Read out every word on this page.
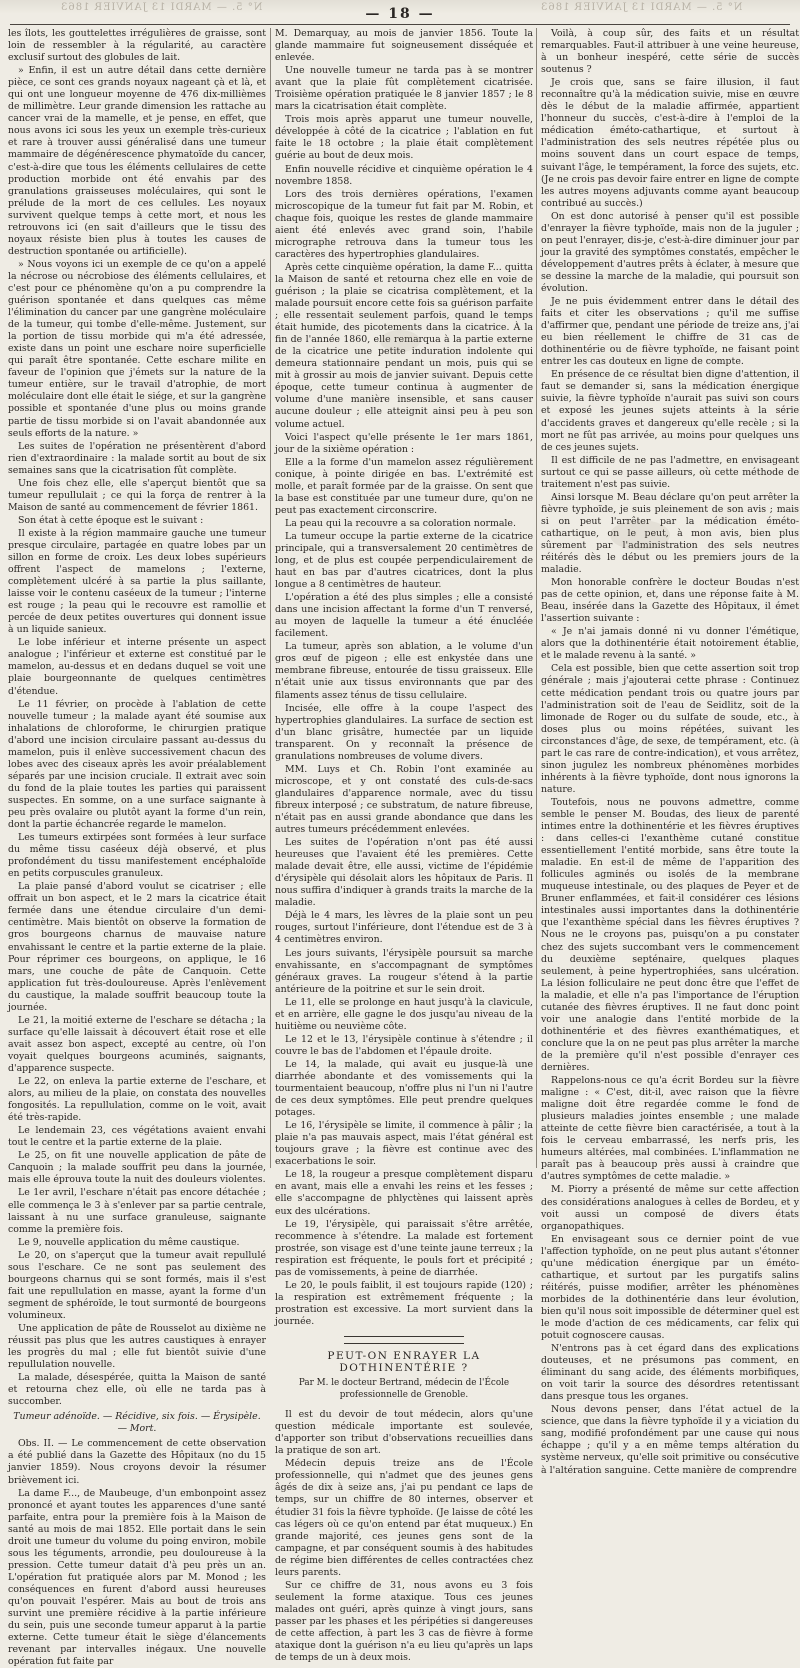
N° 5. — MARDI 13 JANVIER 1863	N° 5. — MARDI 13 JANVIER 1863
— 18 —

les îlots, les gouttelettes irrégulières de graisse, sont loin de ressembler à la régularité, au caractère exclusif surtout des globules de lait.

» Enfin, il est un autre détail dans cette dernière pièce, ce sont ces grands noyaux nageant çà et là, et qui ont une longueur moyenne de 476 dix-millièmes de millimètre. Leur grande dimension les rattache au cancer vrai de la mamelle, et je pense, en effet, que nous avons ici sous les yeux un exemple très-curieux et rare à trouver aussi généralisé dans une tumeur mammaire de dégénérescence phymatoïde du cancer, c'est-à-dire que tous les éléments cellulaires de cette production morbide ont été envahis par des granulations graisseuses moléculaires, qui sont le prélude de la mort de ces cellules. Les noyaux survivent quelque temps à cette mort, et nous les retrouvons ici (en sait d'ailleurs que le tissu des noyaux résiste bien plus à toutes les causes de destruction spontanée ou artificielle).

» Nous voyons ici un exemple de ce qu'on a appelé la nécrose ou nécrobiose des éléments cellulaires, et c'est pour ce phénomène qu'on a pu comprendre la guérison spontanée et dans quelques cas même l'élimination du cancer par une gangrène moléculaire de la tumeur, qui tombe d'elle-même. Justement, sur la portion de tissu morbide qui m'a été adressée, existe dans un point une eschare noire superficielle qui paraît être spontanée. Cette eschare milite en faveur de l'opinion que j'émets sur la nature de la tumeur entière, sur le travail d'atrophie, de mort moléculaire dont elle était le siége, et sur la gangrène possible et spontanée d'une plus ou moins grande partie de tissu morbide si on l'avait abandonnée aux seuls efforts de la nature. »

Les suites de l'opération ne présentèrent d'abord rien d'extraordinaire : la malade sortit au bout de six semaines sans que la cicatrisation fût complète.

Une fois chez elle, elle s'aperçut bientôt que sa tumeur repullulait ; ce qui la força de rentrer à la Maison de santé au commencement de février 1861.

Son état à cette époque est le suivant :

Il existe à la région mammaire gauche une tumeur presque circulaire, partagée en quatre lobes par un sillon en forme de croix. Les deux lobes supérieurs offrent l'aspect de mamelons ; l'externe, complètement ulcéré à sa partie la plus saillante, laisse voir le contenu caséeux de la tumeur ; l'interne est rouge ; la peau qui le recouvre est ramollie et percée de deux petites ouvertures qui donnent issue à un liquide sanieux.

Le lobe inférieur et interne présente un aspect analogue ; l'inférieur et externe est constitué par le mamelon, au-dessus et en dedans duquel se voit une plaie bourgeonnante de quelques centimètres d'étendue.

Le 11 février, on procède à l'ablation de cette nouvelle tumeur ; la malade ayant été soumise aux inhalations de chloroforme, le chirurgien pratique d'abord une incision circulaire passant au-dessus du mamelon, puis il enlève successivement chacun des lobes avec des ciseaux après les avoir préalablement séparés par une incision cruciale. Il extrait avec soin du fond de la plaie toutes les parties qui paraissent suspectes. En somme, on a une surface saignante à peu près ovalaire ou plutôt ayant la forme d'un rein, dont la partie échancrée regarde le mamelon.

Les tumeurs extirpées sont formées à leur surface du même tissu caséeux déjà observé, et plus profondément du tissu manifestement encéphaloïde en petits corpuscules granuleux.

La plaie pansé d'abord voulut se cicatriser ; elle offrait un bon aspect, et le 2 mars la cicatrice était fermée dans une étendue circulaire d'un demi-centimètre. Mais bientôt on observe la formation de gros bourgeons charnus de mauvaise nature envahissant le centre et la partie externe de la plaie. Pour réprimer ces bourgeons, on applique, le 16 mars, une couche de pâte de Canquoin. Cette application fut très-douloureuse. Après l'enlèvement du caustique, la malade souffrit beaucoup toute la journée.

Le 21, la moitié externe de l'eschare se détacha ; la surface qu'elle laissait à découvert était rose et elle avait assez bon aspect, excepté au centre, où l'on voyait quelques bourgeons acuminés, saignants, d'apparence suspecte.

Le 22, on enleva la partie externe de l'eschare, et alors, au milieu de la plaie, on constata des nouvelles fongosités. La repullulation, comme on le voit, avait été très-rapide.

Le lendemain 23, ces végétations avaient envahi tout le centre et la partie externe de la plaie.

Le 25, on fit une nouvelle application de pâte de Canquoin ; la malade souffrit peu dans la journée, mais elle éprouva toute la nuit des douleurs violentes.

Le 1er avril, l'eschare n'était pas encore détachée ; elle commença le 3 à s'enlever par sa partie centrale, laissant à nu une surface granuleuse, saignante comme la première fois.

Le 9, nouvelle application du même caustique.

Le 20, on s'aperçut que la tumeur avait repullulé sous l'eschare. Ce ne sont pas seulement des bourgeons charnus qui se sont formés, mais il s'est fait une repullulation en masse, ayant la forme d'un segment de sphéroïde, le tout surmonté de bourgeons volumineux.

Une application de pâte de Rousselot au dixième ne réussit pas plus que les autres caustiques à enrayer les progrès du mal ; elle fut bientôt suivie d'une repullulation nouvelle.

La malade, désespérée, quitta la Maison de santé et retourna chez elle, où elle ne tarda pas à succomber.

Tumeur adénoïde. — Récidive, six fois. — Érysipèle. — Mort.

Obs. II. — Le commencement de cette observation a été publié dans la Gazette des Hôpitaux (no du 15 janvier 1859). Nous croyons devoir la résumer brièvement ici.

La dame F..., de Maubeuge, d'un embonpoint assez prononcé et ayant toutes les apparences d'une santé parfaite, entra pour la première fois à la Maison de santé au mois de mai 1852. Elle portait dans le sein droit une tumeur du volume du poing environ, mobile sous les téguments, arrondie, peu douloureuse à la pression. Cette tumeur datait d'à peu près un an. L'opération fut pratiquée alors par M. Monod ; les conséquences en furent d'abord aussi heureuses qu'on pouvait l'espérer. Mais au bout de trois ans survint une première récidive à la partie inférieure du sein, puis une seconde tumeur apparut à la partie externe. Cette tumeur était le siège d'élancements revenant par intervalles inégaux. Une nouvelle opération fut faite par

M. Demarquay, au mois de janvier 1856. Toute la glande mammaire fut soigneusement disséquée et enlevée.

Une nouvelle tumeur ne tarda pas à se montrer avant que la plaie fût complètement cicatrisée. Troisième opération pratiquée le 8 janvier 1857 ; le 8 mars la cicatrisation était complète.

Trois mois après apparut une tumeur nouvelle, développée à côté de la cicatrice ; l'ablation en fut faite le 18 octobre ; la plaie était complètement guérie au bout de deux mois.

Enfin nouvelle récidive et cinquième opération le 4 novembre 1858.

Lors des trois dernières opérations, l'examen microscopique de la tumeur fut fait par M. Robin, et chaque fois, quoique les restes de glande mammaire aient été enlevés avec grand soin, l'habile micrographe retrouva dans la tumeur tous les caractères des hypertrophies glandulaires.

Après cette cinquième opération, la dame F... quitta la Maison de santé et retourna chez elle en voie de guérison ; la plaie se cicatrisa complètement, et la malade poursuit encore cette fois sa guérison parfaite ; elle ressentait seulement parfois, quand le temps était humide, des picotements dans la cicatrice. À la fin de l'année 1860, elle remarqua à la partie externe de la cicatrice une petite induration indolente qui demeura stationnaire pendant un mois, puis qui se mit à grossir au mois de janvier suivant. Depuis cette époque, cette tumeur continua à augmenter de volume d'une manière insensible, et sans causer aucune douleur ; elle atteignit ainsi peu à peu son volume actuel.

Voici l'aspect qu'elle présente le 1er mars 1861, jour de la sixième opération :

Elle a la forme d'un mamelon assez régulièrement conique, à pointe dirigée en bas. L'extrémité est molle, et paraît formée par de la graisse. On sent que la base est constituée par une tumeur dure, qu'on ne peut pas exactement circonscrire.

La peau qui la recouvre a sa coloration normale.

La tumeur occupe la partie externe de la cicatrice principale, qui a transversalement 20 centimètres de long, et de plus est coupée perpendiculairement de haut en bas par d'autres cicatrices, dont la plus longue a 8 centimètres de hauteur.

L'opération a été des plus simples ; elle a consisté dans une incision affectant la forme d'un T renversé, au moyen de laquelle la tumeur a été énucléée facilement.

La tumeur, après son ablation, a le volume d'un gros œuf de pigeon ; elle est enkystée dans une membrane fibreuse, entourée de tissu graisseux. Elle n'était unie aux tissus environnants que par des filaments assez ténus de tissu cellulaire.

Incisée, elle offre à la coupe l'aspect des hypertrophies glandulaires. La surface de section est d'un blanc grisâtre, humectée par un liquide transparent. On y reconnaît la présence de granulations nombreuses de volume divers.

MM. Luys et Ch. Robin l'ont examinée au microscope, et y ont constaté des culs-de-sacs glandulaires d'apparence normale, avec du tissu fibreux interposé ; ce substratum, de nature fibreuse, n'était pas en aussi grande abondance que dans les autres tumeurs précédemment enlevées.

Les suites de l'opération n'ont pas été aussi heureuses que l'avaient été les premières. Cette malade devait être, elle aussi, victime de l'épidémie d'érysipèle qui désolait alors les hôpitaux de Paris. Il nous suffira d'indiquer à grands traits la marche de la maladie.

Déjà le 4 mars, les lèvres de la plaie sont un peu rouges, surtout l'inférieure, dont l'étendue est de 3 à 4 centimètres environ.

Les jours suivants, l'érysipèle poursuit sa marche envahissante, en s'accompagnant de symptômes généraux graves. La rougeur s'étend à la partie antérieure de la poitrine et sur le sein droit.

Le 11, elle se prolonge en haut jusqu'à la clavicule, et en arrière, elle gagne le dos jusqu'au niveau de la huitième ou neuvième côte.

Le 12 et le 13, l'érysipèle continue à s'étendre ; il couvre le bas de l'abdomen et l'épaule droite.

Le 14, la malade, qui avait eu jusque-là une diarrhée abondante et des vomissements qui la tourmentaient beaucoup, n'offre plus ni l'un ni l'autre de ces deux symptômes. Elle peut prendre quelques potages.

Le 16, l'érysipèle se limite, il commence à pâlir ; la plaie n'a pas mauvais aspect, mais l'état général est toujours grave ; la fièvre est continue avec des exacerbations le soir.

Le 18, la rougeur a presque complètement disparu en avant, mais elle a envahi les reins et les fesses ; elle s'accompagne de phlyctènes qui laissent après eux des ulcérations.

Le 19, l'érysipèle, qui paraissait s'être arrêtée, recommence à s'étendre. La malade est fortement prostrée, son visage est d'une teinte jaune terreux ; la respiration est fréquente, le pouls fort et précipité ; pas de vomissements, à peine de diarrhée.

Le 20, le pouls faiblit, il est toujours rapide (120) ; la respiration est extrêmement fréquente ; la prostration est excessive. La mort survient dans la journée.

PEUT-ON ENRAYER LA DOTHINENTÉRIE ?

Par M. le docteur Bertrand, médecin de l'École professionnelle de Grenoble.

Il est du devoir de tout médecin, alors qu'une question médicale importante est soulevée, d'apporter son tribut d'observations recueillies dans la pratique de son art.

Médecin depuis treize ans de l'École professionnelle, qui n'admet que des jeunes gens âgés de dix à seize ans, j'ai pu pendant ce laps de temps, sur un chiffre de 80 internes, observer et étudier 31 fois la fièvre typhoïde. (Je laisse de côté les cas légers où ce qu'on entend par état muqueux.) En grande majorité, ces jeunes gens sont de la campagne, et par conséquent soumis à des habitudes de régime bien différentes de celles contractées chez leurs parents.

Sur ce chiffre de 31, nous avons eu 3 fois seulement la forme ataxique. Tous ces jeunes malades ont guéri, après quinze à vingt jours, sans passer par les phases et les péripéties si dangereuses de cette affection, à part les 3 cas de fièvre à forme ataxique dont la guérison n'a eu lieu qu'après un laps de temps de un à deux mois.

Voilà, à coup sûr, des faits et un résultat remarquables. Faut-il attribuer à une veine heureuse, à un bonheur inespéré, cette série de succès soutenus ?

Je crois que, sans se faire illusion, il faut reconnaître qu'à la médication suivie, mise en œuvre dès le début de la maladie affirmée, appartient l'honneur du succès, c'est-à-dire à l'emploi de la médication éméto-cathartique, et surtout à l'administration des sels neutres répétée plus ou moins souvent dans un court espace de temps, suivant l'âge, le tempérament, la force des sujets, etc. (Je ne crois pas devoir faire entrer en ligne de compte les autres moyens adjuvants comme ayant beaucoup contribué au succès.)

On est donc autorisé à penser qu'il est possible d'enrayer la fièvre typhoïde, mais non de la juguler ; on peut l'enrayer, dis-je, c'est-à-dire diminuer jour par jour la gravité des symptômes constatés, empêcher le développement d'autres prêts à éclater, à mesure que se dessine la marche de la maladie, qui poursuit son évolution.

Je ne puis évidemment entrer dans le détail des faits et citer les observations ; qu'il me suffise d'affirmer que, pendant une période de treize ans, j'ai eu bien réellement le chiffre de 31 cas de dothinentérie ou de fièvre typhoïde, ne faisant point entrer les cas douteux en ligne de compte.

En présence de ce résultat bien digne d'attention, il faut se demander si, sans la médication énergique suivie, la fièvre typhoïde n'aurait pas suivi son cours et exposé les jeunes sujets atteints à la série d'accidents graves et dangereux qu'elle recèle ; si la mort ne fût pas arrivée, au moins pour quelques uns de ces jeunes sujets.

Il est difficile de ne pas l'admettre, en envisageant surtout ce qui se passe ailleurs, où cette méthode de traitement n'est pas suivie.

Ainsi lorsque M. Beau déclare qu'on peut arrêter la fièvre typhoïde, je suis pleinement de son avis ; mais si on peut l'arrêter par la médication éméto-cathartique, on le peut, à mon avis, bien plus sûrement par l'administration des sels neutres réitérés dès le début ou les premiers jours de la maladie.

Mon honorable confrère le docteur Boudas n'est pas de cette opinion, et, dans une réponse faite à M. Beau, insérée dans la Gazette des Hôpitaux, il émet l'assertion suivante :

« Je n'ai jamais donné ni vu donner l'émétique, alors que la dothinentérie était notoirement établie, et le malade revenu à la santé. »

Cela est possible, bien que cette assertion soit trop générale ; mais j'ajouterai cette phrase : Continuez cette médication pendant trois ou quatre jours par l'administration soit de l'eau de Seidlitz, soit de la limonade de Roger ou du sulfate de soude, etc., à doses plus ou moins répétées, suivant les circonstances d'âge, de sexe, de tempérament, etc. (à part le cas rare de contre-indication), et vous arrêtez, sinon jugulez les nombreux phénomènes morbides inhérents à la fièvre typhoïde, dont nous ignorons la nature.

Toutefois, nous ne pouvons admettre, comme semble le penser M. Boudas, des lieux de parenté intimes entre la dothinentérie et les fièvres éruptives : dans celles-ci l'exanthème cutané constitue essentiellement l'entité morbide, sans être toute la maladie. En est-il de même de l'apparition des follicules agminés ou isolés de la membrane muqueuse intestinale, ou des plaques de Peyer et de Bruner enflammées, et fait-il considérer ces lésions intestinales aussi importantes dans la dothinentérie que l'exanthème spécial dans les fièvres éruptives ? Nous ne le croyons pas, puisqu'on a pu constater chez des sujets succombant vers le commencement du deuxième septénaire, quelques plaques seulement, à peine hypertrophiées, sans ulcération. La lésion folliculaire ne peut donc être que l'effet de la maladie, et elle n'a pas l'importance de l'éruption cutanée des fièvres éruptives. Il ne faut donc point voir une analogie dans l'entité morbide de la dothinentérie et des fièvres exanthématiques, et conclure que la on ne peut pas plus arrêter la marche de la première qu'il n'est possible d'enrayer ces dernières.

Rappelons-nous ce qu'a écrit Bordeu sur la fièvre maligne : « C'est, dit-il, avec raison que la fièvre maligne doit être regardée comme le fond de plusieurs maladies jointes ensemble ; une malade atteinte de cette fièvre bien caractérisée, a tout à la fois le cerveau embarrassé, les nerfs pris, les humeurs altérées, mal combinées. L'inflammation ne paraît pas à beaucoup près aussi à craindre que d'autres symptômes de cette maladie. »

M. Piorry a présenté de même sur cette affection des considérations analogues à celles de Bordeu, et y voit aussi un composé de divers états organopathiques.

En envisageant sous ce dernier point de vue l'affection typhoïde, on ne peut plus autant s'étonner qu'une médication énergique par un éméto-cathartique, et surtout par les purgatifs salins réitérés, puisse modifier, arrêter les phénomènes morbides de la dothinentérie dans leur évolution, bien qu'il nous soit impossible de déterminer quel est le mode d'action de ces médicaments, car felix qui potuit cognoscere causas.

N'entrons pas à cet égard dans des explications douteuses, et ne présumons pas comment, en éliminant du sang acide, des éléments morbifiques, on voit tarir la source des désordres retentissant dans presque tous les organes.

Nous devons penser, dans l'état actuel de la science, que dans la fièvre typhoïde il y a viciation du sang, modifié profondément par une cause qui nous échappe ; qu'il y a en même temps altération du système nerveux, qu'elle soit primitive ou consécutive à l'altération sanguine. Cette manière de comprendre
